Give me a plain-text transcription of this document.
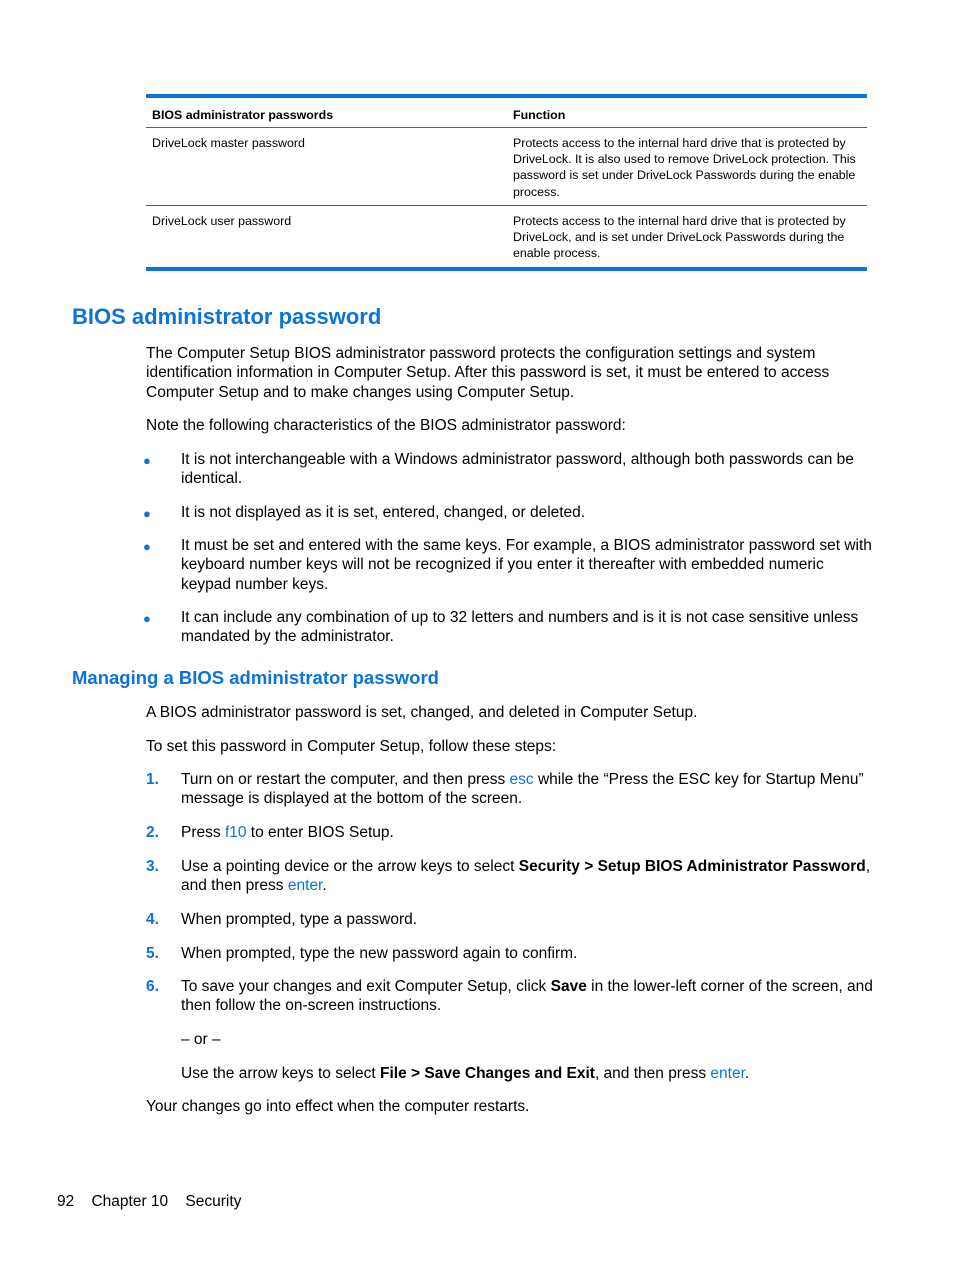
BIOS administrator passwords	Function
DriveLock master password	Protects access to the internal hard drive that is protected by DriveLock. It is also used to remove DriveLock protection. This password is set under DriveLock Passwords during the enable process.
DriveLock user password	Protects access to the internal hard drive that is protected by DriveLock, and is set under DriveLock Passwords during the enable process.
BIOS administrator password
The Computer Setup BIOS administrator password protects the configuration settings and system identification information in Computer Setup. After this password is set, it must be entered to access Computer Setup and to make changes using Computer Setup.
Note the following characteristics of the BIOS administrator password:
● It is not interchangeable with a Windows administrator password, although both passwords can be identical.
● It is not displayed as it is set, entered, changed, or deleted.
● It must be set and entered with the same keys. For example, a BIOS administrator password set with keyboard number keys will not be recognized if you enter it thereafter with embedded numeric keypad number keys.
● It can include any combination of up to 32 letters and numbers and is it is not case sensitive unless mandated by the administrator.
Managing a BIOS administrator password
A BIOS administrator password is set, changed, and deleted in Computer Setup.
To set this password in Computer Setup, follow these steps:
1. Turn on or restart the computer, and then press esc while the “Press the ESC key for Startup Menu” message is displayed at the bottom of the screen.
2. Press f10 to enter BIOS Setup.
3. Use a pointing device or the arrow keys to select Security > Setup BIOS Administrator Password, and then press enter.
4. When prompted, type a password.
5. When prompted, type the new password again to confirm.
6. To save your changes and exit Computer Setup, click Save in the lower-left corner of the screen, and then follow the on-screen instructions.
– or –
Use the arrow keys to select File > Save Changes and Exit, and then press enter.
Your changes go into effect when the computer restarts.
92 Chapter 10 Security
